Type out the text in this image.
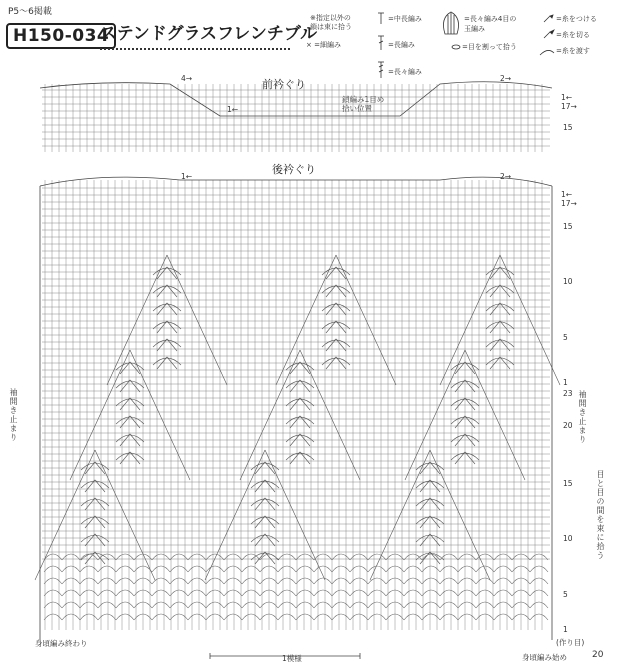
P5～6掲載
H150-034
ステンドグラスフレンチブル
※指定以外の
鎖は束に拾う
× =細編み
=中長編み
=長編み
=長々編み
=長々編み4目の
玉編み
=目を割って拾う
=糸をつける
=糸を切る
=糸を渡す
前衿ぐり
鎖編み1目め
拾い位置
後衿ぐり
袖開き止まり	袖開き止まり
目と目の間を束に拾う
身頃編み終わり
1模様	身頃編み始め	20
1←
17→
15
1←
17→
15
10
5
1
23
20
15
10
5
1
(作り目)
4→	2→
1←
1←	2→
